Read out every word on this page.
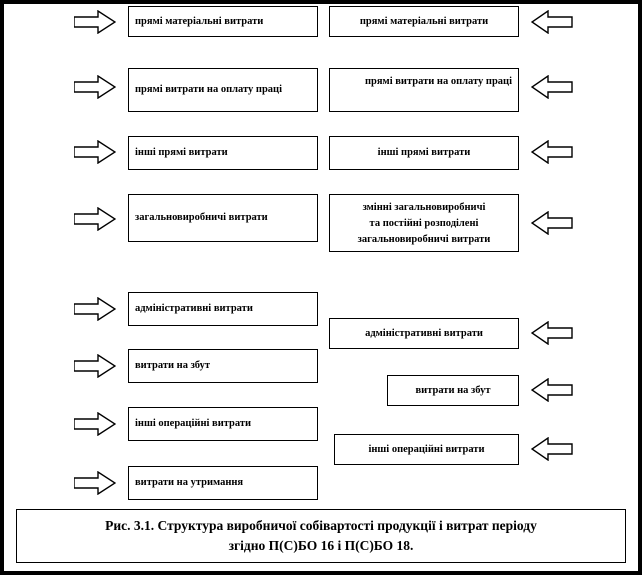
прямі матеріальні витрати
прямі витрати на оплату праці
інші прямі витрати
загальновиробничі витрати
адміністративні витрати
витрати на збут
інші операційні витрати
витрати на утримання
прямі матеріальні витрати
прямі витрати на оплату праці
інші прямі витрати
змінні загальновиробничі
та постійні розподілені
загальновиробничі витрати
адміністративні витрати
витрати на збут
інші операційні витрати
Рис. 3.1. Структура виробничої собівартості продукції і витрат періоду
згідно П(С)БО 16 і П(С)БО 18.
